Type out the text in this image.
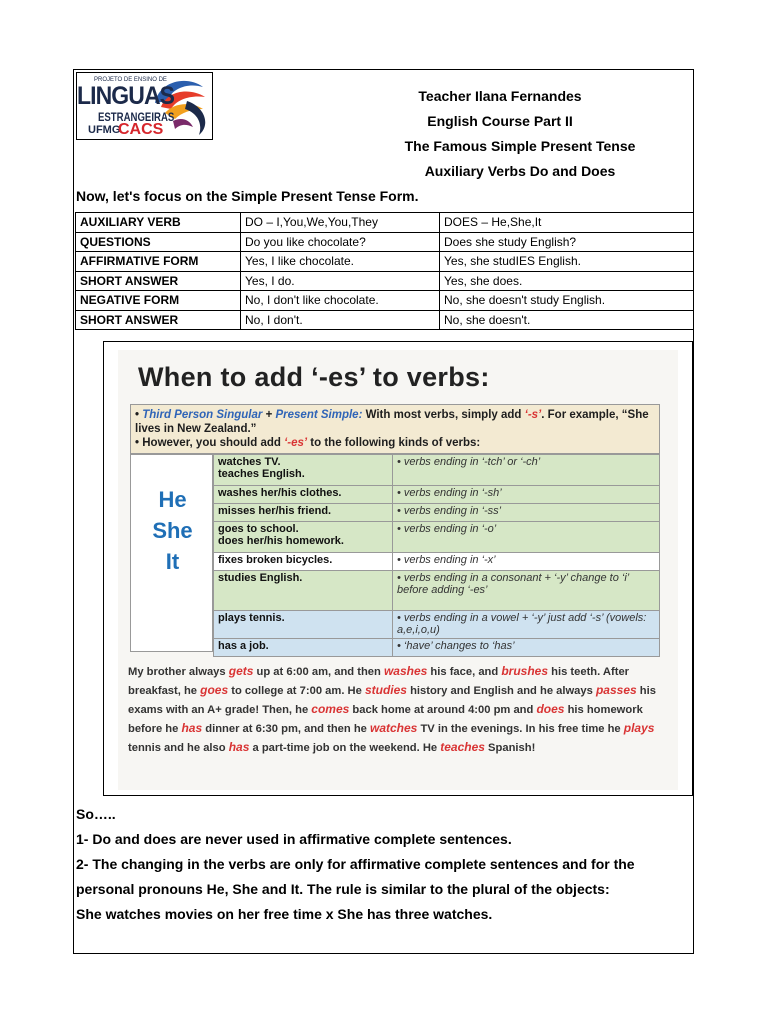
PROJETO DE ENSINO DE
LINGUAS
ESTRANGEIRAS
UFMG
CACS
Teacher Ilana Fernandes
English Course Part II
The Famous Simple Present Tense
Auxiliary Verbs Do and Does
Now, let's focus on the Simple Present Tense Form.
AUXILIARY VERB	DO – I,You,We,You,They	DOES – He,She,It
QUESTIONS	Do you like chocolate?	Does she study English?
AFFIRMATIVE FORM	Yes, I like chocolate.	Yes, she studIES English.
SHORT ANSWER	Yes, I do.	Yes, she does.
NEGATIVE FORM	No, I don't like chocolate.	No, she doesn't study English.
SHORT ANSWER	No, I don't.	No, she doesn't.
When to add ‘-es’ to verbs:
• Third Person Singular + Present Simple: With most verbs, simply add ‘-s’. For example, “She lives in New Zealand.”
• However, you should add ‘-es’ to the following kinds of verbs:
He
She
It
watches TV.
teaches English.	• verbs ending in ‘-tch’ or ‘-ch’
washes her/his clothes.	• verbs ending in ‘-sh’
misses her/his friend.	• verbs ending in ‘-ss’

goes to school.
does her/his homework.	• verbs ending in ‘-o’
fixes broken bicycles.	• verbs ending in ‘-x’
studies English.	• verbs ending in a consonant + ‘-y’ change to ‘i’ before adding ‘-es’
plays tennis.	• verbs ending in a vowel + ‘-y’ just add ‘-s’ (vowels: a,e,i,o,u)
has a job.	• ‘have’ changes to ‘has’
My brother always gets up at 6:00 am, and then washes his face, and brushes his teeth. After breakfast, he goes to college at 7:00 am. He studies history and English and he always passes his exams with an A+ grade! Then, he comes back home at around 4:00 pm and does his homework before he has dinner at 6:30 pm, and then he watches TV in the evenings. In his free time he plays tennis and he also has a part-time job on the weekend. He teaches Spanish!
So…..
1- Do and does are never used in affirmative complete sentences.
2- The changing in the verbs are only for affirmative complete sentences and for the
personal pronouns He, She and It. The rule is similar to the plural of the objects:
She watches movies on her free time x She has three watches.
